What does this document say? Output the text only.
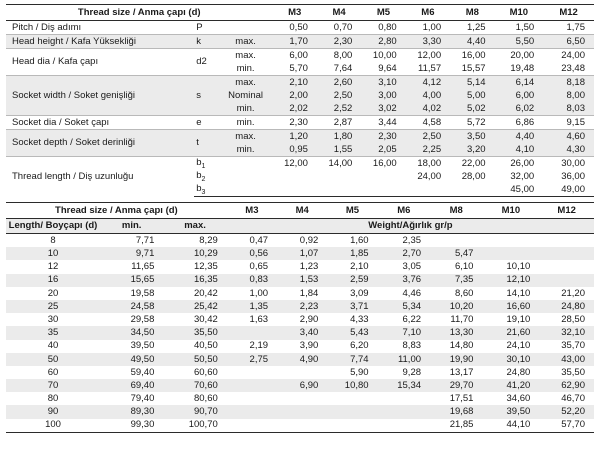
Thread size / Anma çapı (d)			M3	M4	M5	M6	M8	M10	M12
Pitch / Diş adımı	P		0,50	0,70	0,80	1,00	1,25	1,50	1,75
Head height / Kafa Yüksekliği	k	max.	1,70	2,30	2,80	3,30	4,40	5,50	6,50
Head dia / Kafa çapı	d2	max.	6,00	8,00	10,00	12,00	16,00	20,00	24,00
		min.	5,70	7,64	9,64	11,57	15,57	19,48	23,48
		max.	2,10	2,60	3,10	4,12	5,14	6,14	8,18
Socket width / Soket genişliği	s	Nominal	2,00	2,50	3,00	4,00	5,00	6,00	8,00
		min.	2,02	2,52	3,02	4,02	5,02	6,02	8,03
Socket dia / Soket çapı	e	min.	2,30	2,87	3,44	4,58	5,72	6,86	9,15
Socket depth / Soket derinliği	t	max.	1,20	1,80	2,30	2,50	3,50	4,40	4,60
		min.	0,95	1,55	2,05	2,25	3,20	4,10	4,30
Thread length / Diş uzunluğu	$b_1$		12,00	14,00	16,00	18,00	22,00	26,00	30,00
	$b_2$					24,00	28,00	32,00	36,00
	$b_3$							45,00	49,00
Thread size / Anma çapı (d)			M3	M4	M5	M6	M8	M10	M12
Length/ Boyçapı (d)	min.	max.	Weight/Ağırlık gr/p						
8	7,71	8,29	0,47	0,92	1,60	2,35			
10	9,71	10,29	0,56	1,07	1,85	2,70	5,47		
12	11,65	12,35	0,65	1,23	2,10	3,05	6,10	10,10	
16	15,65	16,35	0,83	1,53	2,59	3,76	7,35	12,10	
20	19,58	20,42	1,00	1,84	3,09	4,46	8,60	14,10	21,20
25	24,58	25,42	1,35	2,23	3,71	5,34	10,20	16,60	24,80
30	29,58	30,42	1,63	2,90	4,33	6,22	11,70	19,10	28,50
35	34,50	35,50		3,40	5,43	7,10	13,30	21,60	32,10
40	39,50	40,50	2,19	3,90	6,20	8,83	14,80	24,10	35,70
50	49,50	50,50	2,75	4,90	7,74	11,00	19,90	30,10	43,00
60	59,40	60,60			5,90	9,28	13,17	24,80	35,50
70	69,40	70,60		6,90	10,80	15,34	29,70	41,20	62,90
80	79,40	80,60					17,51	34,60	46,70
90	89,30	90,70					19,68	39,50	52,20
100	99,30	100,70					21,85	44,10	57,70
